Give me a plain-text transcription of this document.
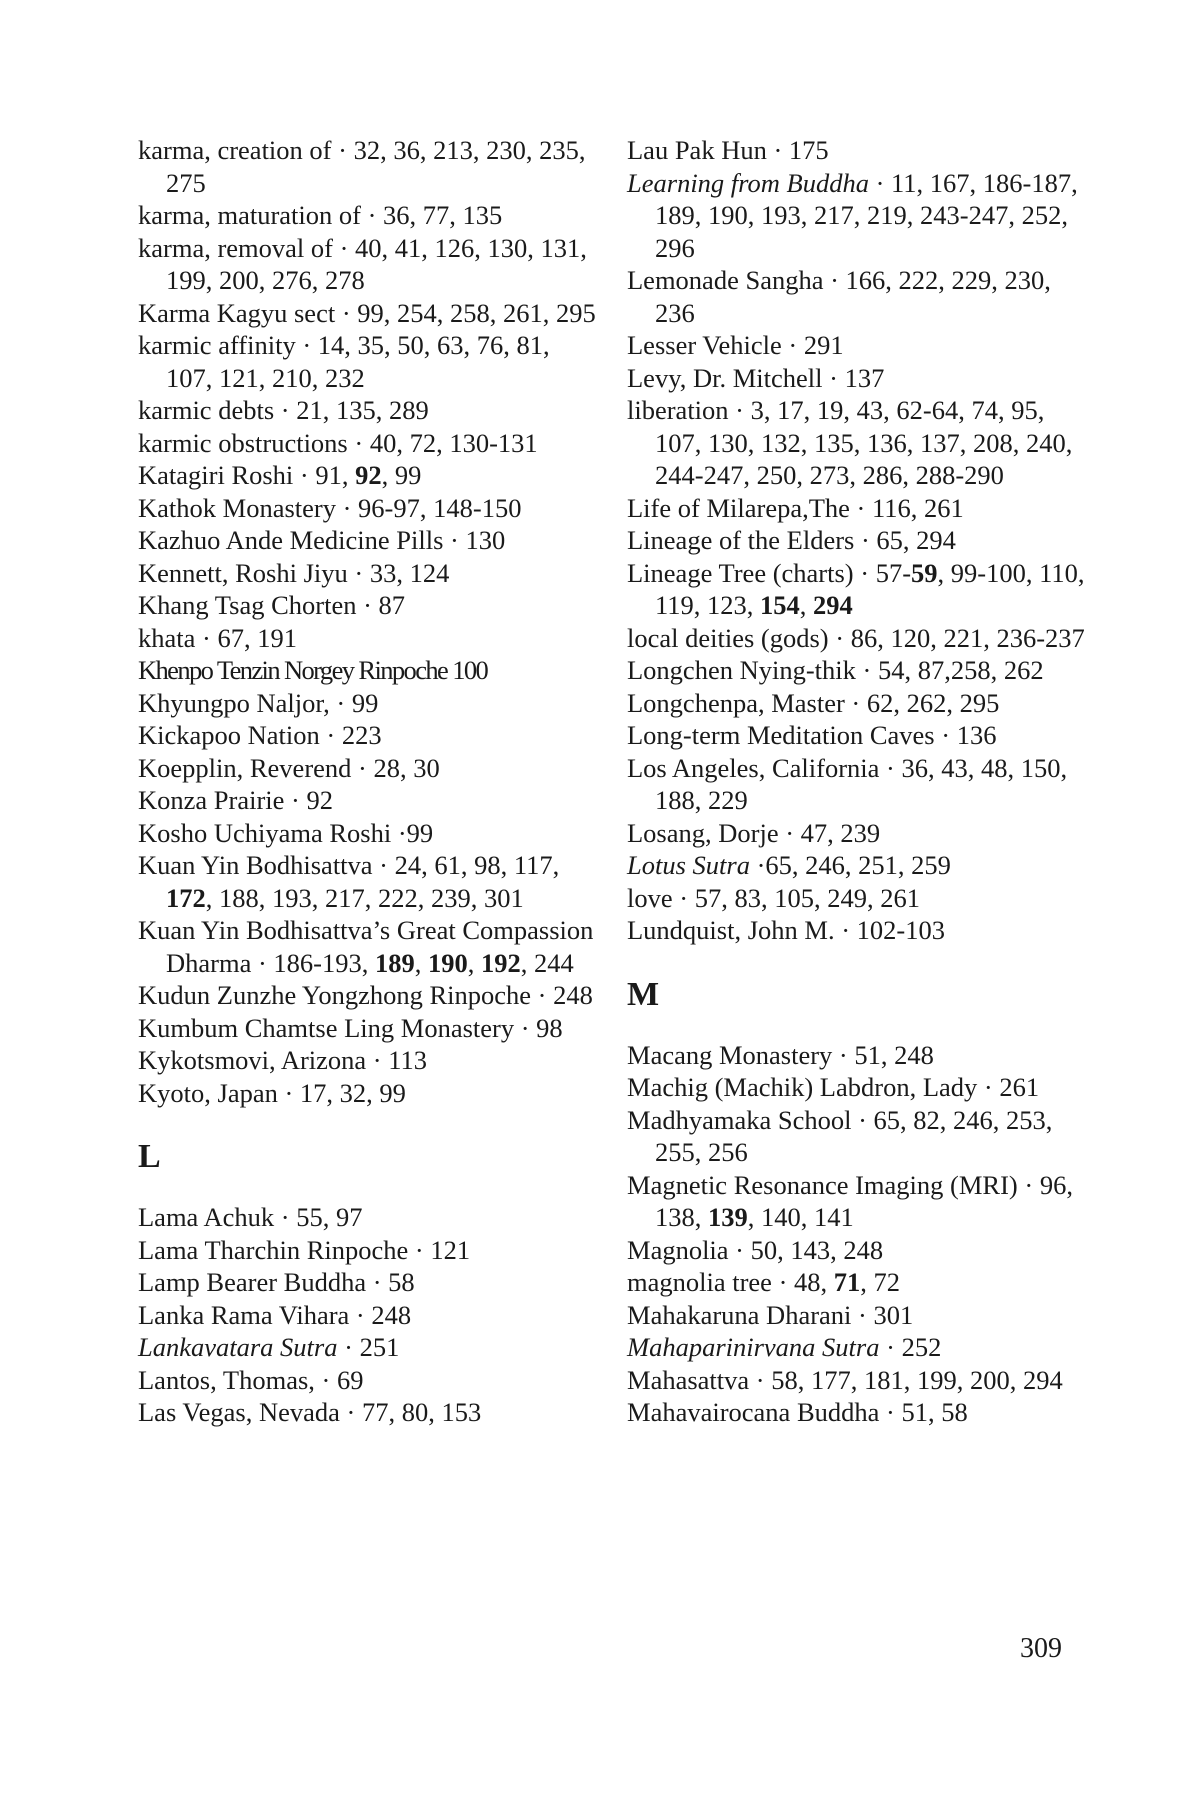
karma, creation of · 32, 36, 213, 230, 235, 275

karma, maturation of · 36, 77, 135

karma, removal of · 40, 41, 126, 130, 131, 199, 200, 276, 278

Karma Kagyu sect · 99, 254, 258, 261, 295

karmic affinity · 14, 35, 50, 63, 76, 81, 107, 121, 210, 232

karmic debts · 21, 135, 289

karmic obstructions · 40, 72, 130-131

Katagiri Roshi · 91, 92, 99

Kathok Monastery · 96-97, 148-150

Kazhuo Ande Medicine Pills · 130

Kennett, Roshi Jiyu · 33, 124

Khang Tsag Chorten · 87

khata · 67, 191

Khenpo Tenzin Norgey Rinpoche 100

Khyungpo Naljor, · 99

Kickapoo Nation · 223

Koepplin, Reverend · 28, 30

Konza Prairie · 92

Kosho Uchiyama Roshi ·99

Kuan Yin Bodhisattva · 24, 61, 98, 117, 172, 188, 193, 217, 222, 239, 301

Kuan Yin Bodhisattva’s Great Compassion Dharma · 186-193, 189, 190, 192, 244

Kudun Zunzhe Yongzhong Rinpoche · 248

Kumbum Chamtse Ling Monastery · 98

Kykotsmovi, Arizona · 113

Kyoto, Japan · 17, 32, 99

L

Lama Achuk · 55, 97

Lama Tharchin Rinpoche · 121

Lamp Bearer Buddha · 58

Lanka Rama Vihara · 248

Lankavatara Sutra · 251

Lantos, Thomas, · 69

Las Vegas, Nevada · 77, 80, 153

Lau Pak Hun · 175

Learning from Buddha · 11, 167, 186-187, 189, 190, 193, 217, 219, 243-247, 252, 296

Lemonade Sangha · 166, 222, 229, 230, 236

Lesser Vehicle · 291

Levy, Dr. Mitchell · 137

liberation · 3, 17, 19, 43, 62-64, 74, 95, 107, 130, 132, 135, 136, 137, 208, 240, 244-247, 250, 273, 286, 288-290

Life of Milarepa,The · 116, 261

Lineage of the Elders · 65, 294

Lineage Tree (charts) · 57-59, 99-100, 110, 119, 123, 154, 294

local deities (gods) · 86, 120, 221, 236-237

Longchen Nying-thik · 54, 87,258, 262

Longchenpa, Master · 62, 262, 295

Long-term Meditation Caves · 136

Los Angeles, California · 36, 43, 48, 150, 188, 229

Losang, Dorje · 47, 239

Lotus Sutra ·65, 246, 251, 259

love · 57, 83, 105, 249, 261

Lundquist, John M. · 102-103

M

Macang Monastery · 51, 248

Machig (Machik) Labdron, Lady · 261

Madhyamaka School · 65, 82, 246, 253, 255, 256

Magnetic Resonance Imaging (MRI) · 96, 138, 139, 140, 141

Magnolia · 50, 143, 248

magnolia tree · 48, 71, 72

Mahakaruna Dharani · 301

Mahaparinirvana Sutra · 252

Mahasattva · 58, 177, 181, 199, 200, 294

Mahavairocana Buddha · 51, 58

309
